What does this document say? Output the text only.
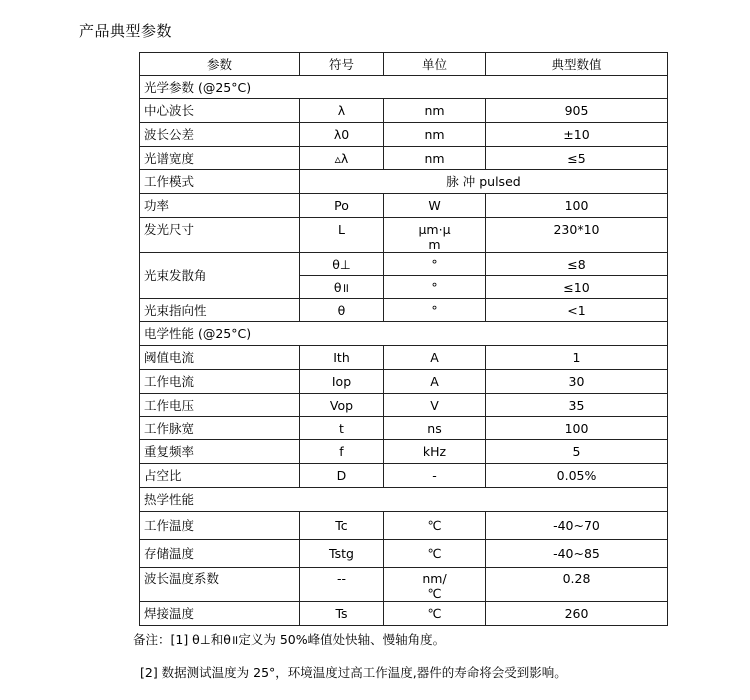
产品典型参数
参数	符号	单位	典型数值
光学参数 (@25°C)			
中心波长	λ	nm	905
波长公差	λ0	nm	±10
光谱宽度	▵λ	nm	≤5
工作模式	脉 冲 pulsed		
功率	Po	W	100
发光尺寸	L	μm·μm	230*10
光束发散角	θ⊥	°	≤8
	θ॥	°	≤10
光束指向性	θ	°	<1
电学性能 (@25°C)			
阈值电流	Ith	A	1
工作电流	Iop	A	30
工作电压	Vop	V	35
工作脉宽	t	ns	100
重复频率	f	kHz	5
占空比	D	-	0.05%
热学性能			
工作温度	Tc	℃	-40~70
存储温度	Tstg	℃	-40~85
波长温度系数	--	nm/℃	0.28
焊接温度	Ts	℃	260
备注：[1] θ⊥和θ॥定义为 50%峰值处快轴、慢轴角度。
[2] 数据测试温度为 25°，环境温度过高工作温度,器件的寿命将会受到影响。
